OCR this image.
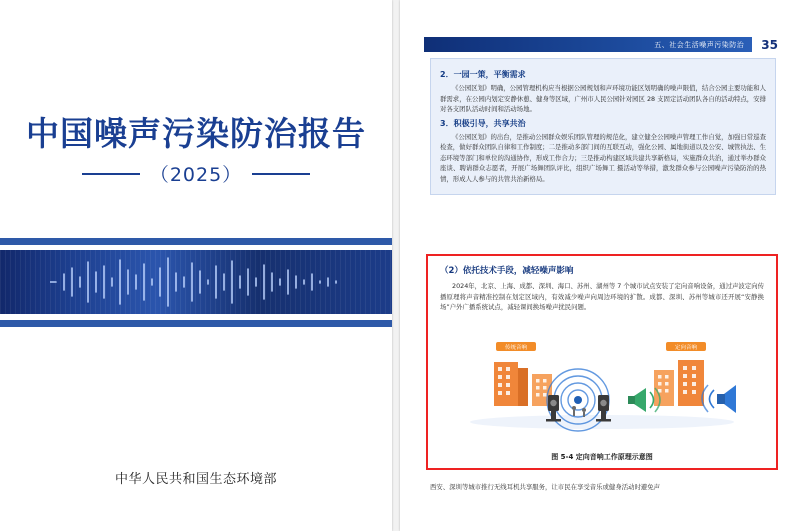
中国噪声污染防治报告
（2025）
中华人民共和国生态环境部
五、社会生活噪声污染防治	35
2．一园一策，平衡需求

《公园区划》明确，公园管理机构应当根据公园规划和声环境功能区划明确的噪声限值，结合公园主要功能和人群需求，在公园内划定安静休憩、健身等区域，广州市人民公园针对园区 28 支固定活动团队各自的活动特点，安排对各支团队活动时间和活动场地。

3．积极引导，共享共治

《公园区划》的出台，是推动公园群众娱乐团队管理的规范化，建立健全公园噪声管理工作自觉，加强日常巡查检查，做好群众团队自律和工作制度；二是推动多部门间的互联互动，强化公园、属地街道以及公安、城管执法、生态环境等部门和单位的沟通协作，形成工作合力；三是推动构建区域共建共享新格局，实施群众共治，通过举办群众座谈、聘请群众志愿者，开展广场舞团队评比，组织广场舞工 摄活动等举措，激发群众参与公园噪声污染防治的热情，形成人人参与的共管共治新格局。

（2）依托技术手段，减轻噪声影响

2024年，北京、上海、成都、深圳、海口、苏州、湖州等 7 个城市试点安装了定向音响设备，通过声波定向传播原理将声音精准控制在划定区域内，有效减少噪声向周边环境的扩散。成都、深圳、苏州等城市还开展“安静换场”户外广播系统试点，减轻课间换场噪声扰民问题。

传统音响	定向音响
图 5-4 定向音响工作原理示意图
西安、深圳等城市推行无线耳机共享服务，让市民在享受音乐或健身活动时避免声
